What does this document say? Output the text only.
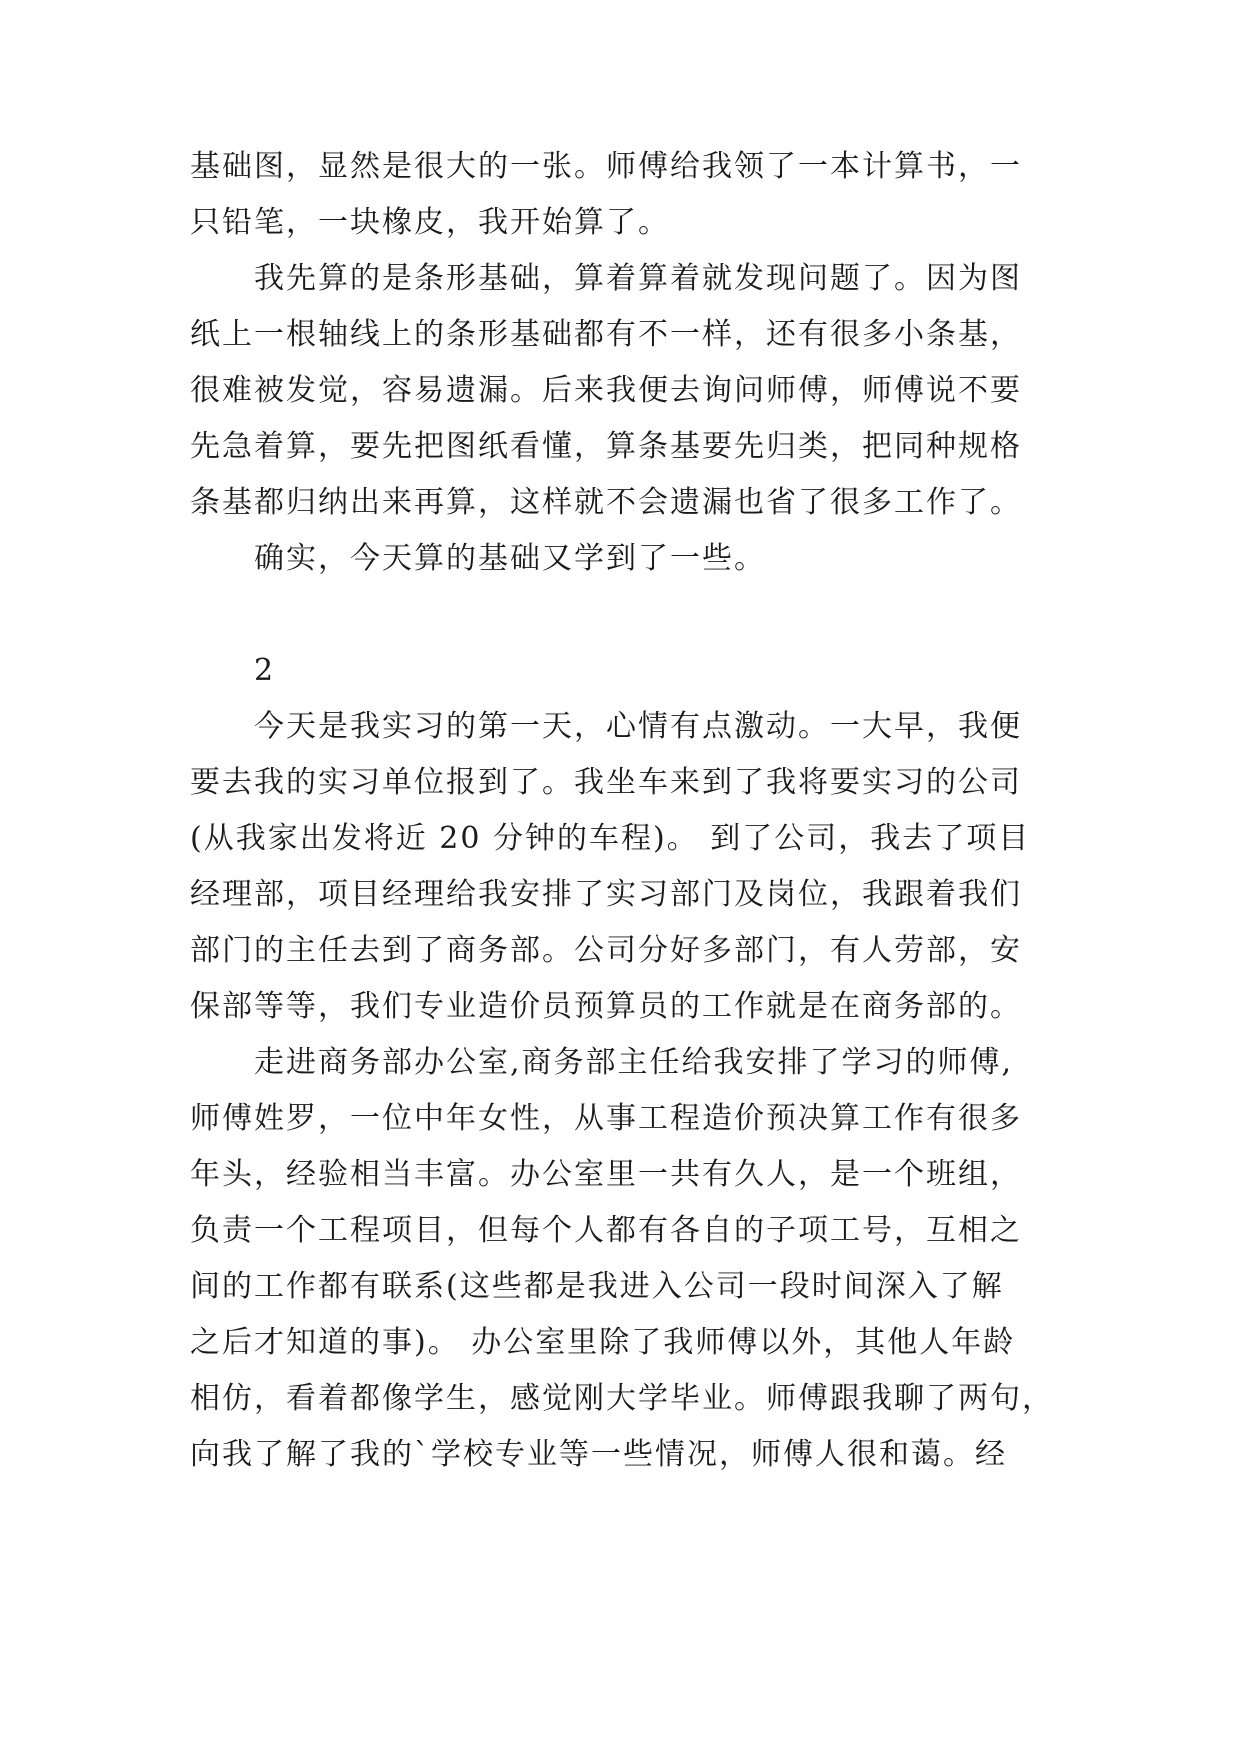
基础图，显然是很大的一张。师傅给我领了一本计算书，一
只铅笔，一块橡皮，我开始算了。
我先算的是条形基础，算着算着就发现问题了。因为图
纸上一根轴线上的条形基础都有不一样，还有很多小条基，
很难被发觉，容易遗漏。后来我便去询问师傅，师傅说不要
先急着算，要先把图纸看懂，算条基要先归类，把同种规格
条基都归纳出来再算，这样就不会遗漏也省了很多工作了。
确实，今天算的基础又学到了一些。
2
今天是我实习的第一天，心情有点激动。一大早，我便
要去我的实习单位报到了。我坐车来到了我将要实习的公司
(从我家出发将近 20 分钟的车程)。 到了公司，我去了项目
经理部，项目经理给我安排了实习部门及岗位，我跟着我们
部门的主任去到了商务部。公司分好多部门，有人劳部，安
保部等等，我们专业造价员预算员的工作就是在商务部的。
走进商务部办公室,商务部主任给我安排了学习的师傅,
师傅姓罗，一位中年女性，从事工程造价预决算工作有很多
年头，经验相当丰富。办公室里一共有久人，是一个班组，
负责一个工程项目，但每个人都有各自的子项工号，互相之
间的工作都有联系(这些都是我进入公司一段时间深入了解
之后才知道的事)。 办公室里除了我师傅以外，其他人年龄
相仿，看着都像学生，感觉刚大学毕业。师傅跟我聊了两句，
向我了解了我的`学校专业等一些情况，师傅人很和蔼。经
